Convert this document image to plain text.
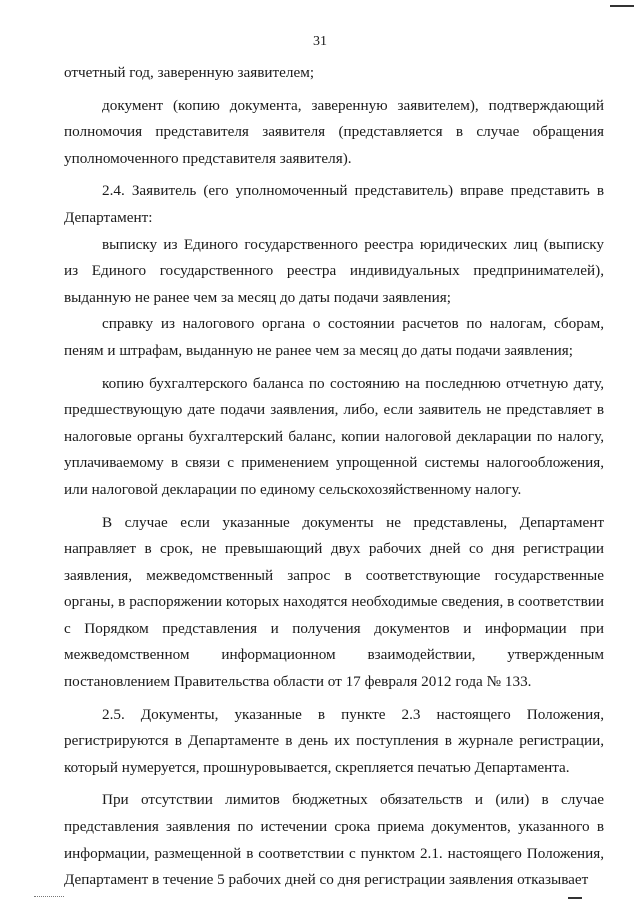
31

отчетный год, заверенную заявителем;

документ (копию документа, заверенную заявителем), подтверждающий полномочия представителя заявителя (представляется в случае обращения уполномоченного представителя заявителя).

2.4. Заявитель (его уполномоченный представитель) вправе представить в Департамент:

выписку из Единого государственного реестра юридических лиц (выписку из Единого государственного реестра индивидуальных предпринимателей), выданную не ранее чем за месяц до даты подачи заявления;

справку из налогового органа о состоянии расчетов по налогам, сборам, пеням и штрафам, выданную не ранее чем за месяц до даты подачи заявления;

копию бухгалтерского баланса по состоянию на последнюю отчетную дату, предшествующую дате подачи заявления, либо, если заявитель не представляет в налоговые органы бухгалтерский баланс, копии налоговой декларации по налогу, уплачиваемому в связи с применением упрощенной системы налогообложения, или налоговой декларации по единому сельскохозяйственному налогу.

В случае если указанные документы не представлены, Департамент направляет в срок, не превышающий двух рабочих дней со дня регистрации заявления, межведомственный запрос в соответствующие государственные органы, в распоряжении которых находятся необходимые сведения, в соответствии с Порядком представления и получения документов и информации при межведомственном информационном взаимодействии, утвержденным постановлением Правительства области от 17 февраля 2012 года № 133.

2.5. Документы, указанные в пункте 2.3 настоящего Положения, регистрируются в Департаменте в день их поступления в журнале регистрации, который нумеруется, прошнуровывается, скрепляется печатью Департамента.

При отсутствии лимитов бюджетных обязательств и (или) в случае представления заявления по истечении срока приема документов, указанного в информации, размещенной в соответствии с пунктом 2.1. настоящего Положения, Департамент в течение 5 рабочих дней со дня регистрации заявления отказывает
